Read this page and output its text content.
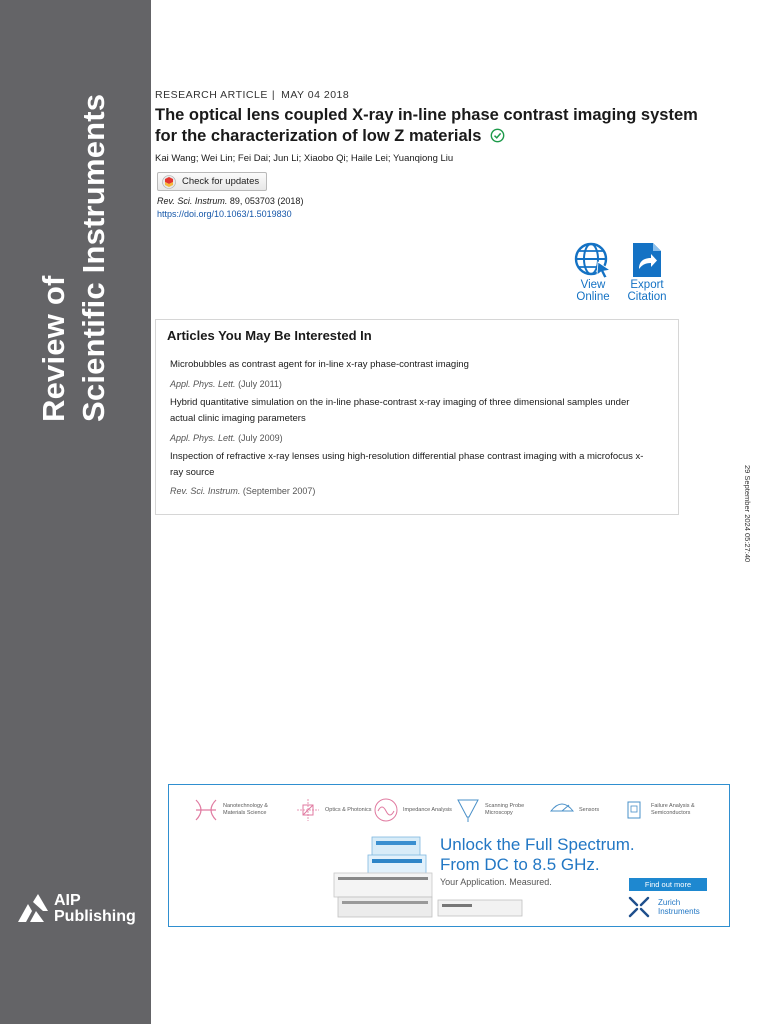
Review of Scientific Instruments
AIP
Publishing
RESEARCH ARTICLE | MAY 04 2018
The optical lens coupled X-ray in-line phase contrast imaging system for the characterization of low Z materials
Kai Wang; Wei Lin; Fei Dai; Jun Li; Xiaobo Qi; Haile Lei; Yuanqiong Liu
Check for updates
Rev. Sci. Instrum. 89, 053703 (2018)
https://doi.org/10.1063/1.5019830
View
Online
Export
Citation
Articles You May Be Interested In
Microbubbles as contrast agent for in-line x-ray phase-contrast imaging
Appl. Phys. Lett. (July 2011)
Hybrid quantitative simulation on the in-line phase-contrast x-ray imaging of three dimensional samples under actual clinic imaging parameters
Appl. Phys. Lett. (July 2009)
Inspection of refractive x-ray lenses using high-resolution differential phase contrast imaging with a microfocus x-ray source
Rev. Sci. Instrum. (September 2007)	29 September 2024 05:27:40
Nanotechnology & Materials Science
Optics & Photonics	Impedance Analysis
Scanning Probe Microscopy
Sensors
Failure Analysis & Semiconductors
Unlock the Full Spectrum.
From DC to 8.5 GHz.
Your Application. Measured.	Find out more
Zurich
Instruments
